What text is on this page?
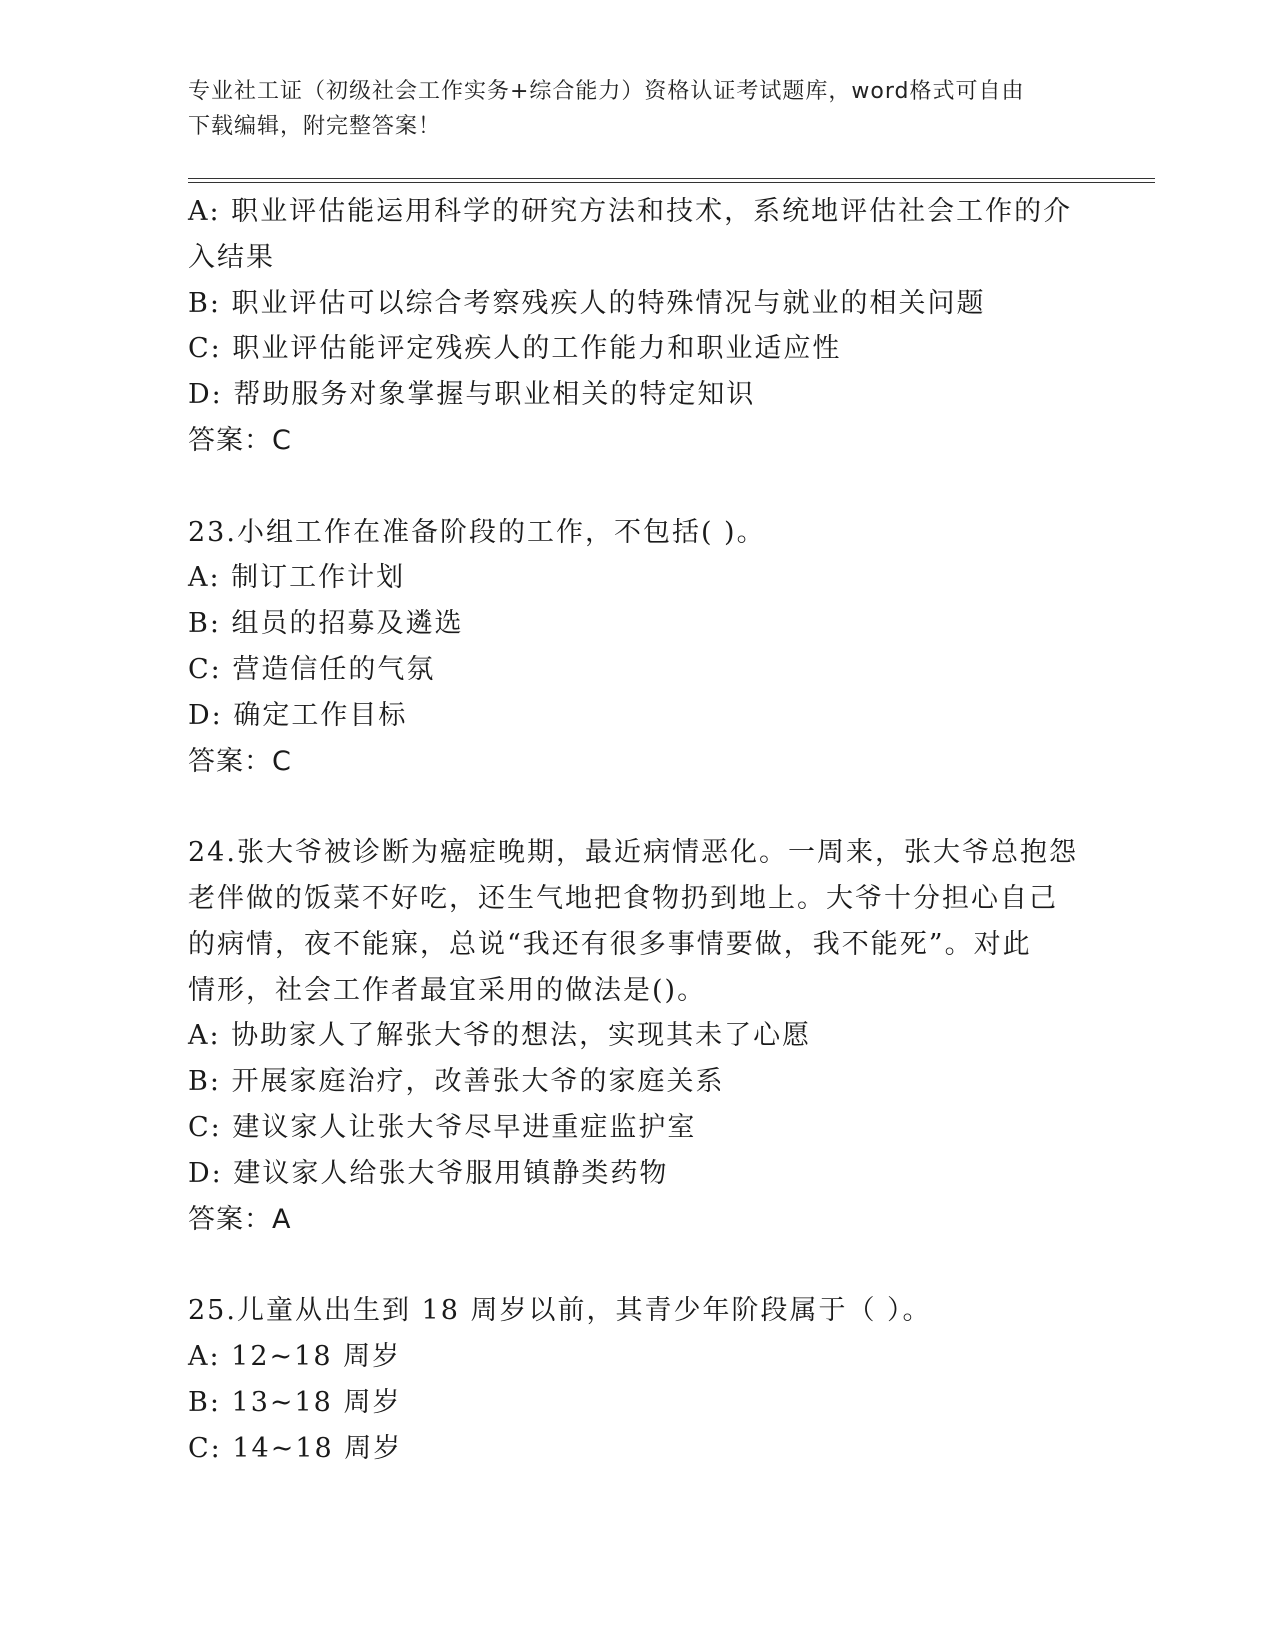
专业社工证（初级社会工作实务+综合能力）资格认证考试题库，word格式可自由
下载编辑，附完整答案！
A: 职业评估能运用科学的研究方法和技术，系统地评估社会工作的介
入结果
B: 职业评估可以综合考察残疾人的特殊情况与就业的相关问题
C: 职业评估能评定残疾人的工作能力和职业适应性
D: 帮助服务对象掌握与职业相关的特定知识
答案：C
23.小组工作在准备阶段的工作，不包括( )。
A: 制订工作计划
B: 组员的招募及遴选
C: 营造信任的气氛
D: 确定工作目标
答案：C
24.张大爷被诊断为癌症晚期，最近病情恶化。一周来，张大爷总抱怨
老伴做的饭菜不好吃，还生气地把食物扔到地上。大爷十分担心自己
的病情，夜不能寐，总说“我还有很多事情要做，我不能死”。对此
情形，社会工作者最宜采用的做法是()。
A: 协助家人了解张大爷的想法，实现其未了心愿
B: 开展家庭治疗，改善张大爷的家庭关系
C: 建议家人让张大爷尽早进重症监护室
D: 建议家人给张大爷服用镇静类药物
答案：A
25.儿童从出生到 18 周岁以前，其青少年阶段属于（ ）。
A: 12~18 周岁
B: 13~18 周岁
C: 14~18 周岁
